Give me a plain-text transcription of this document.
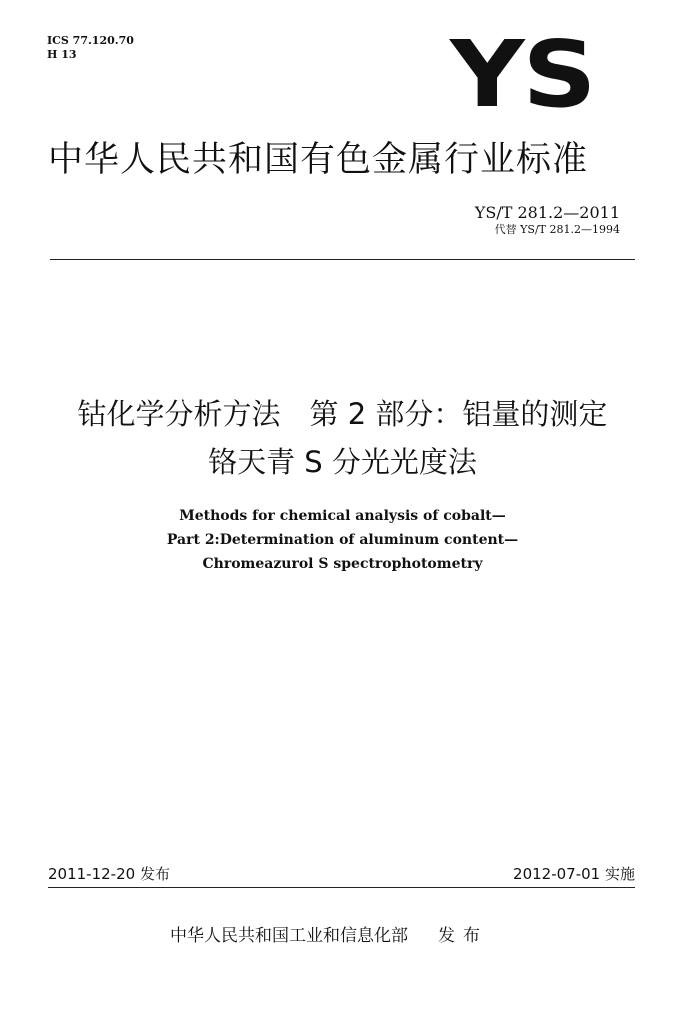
ICS 77.120.70
H 13	YS
中华人民共和国有色金属行业标准
YS/T 281.2—2011
代替 YS/T 281.2—1994
钴化学分析方法　第 2 部分：铝量的测定
铬天青 S 分光光度法
Methods for chemical analysis of cobalt—
Part 2:Determination of aluminum content—
Chromeazurol S spectrophotometry
2011-12-20 发布	2012-07-01 实施
中华人民共和国工业和信息化部 发布
